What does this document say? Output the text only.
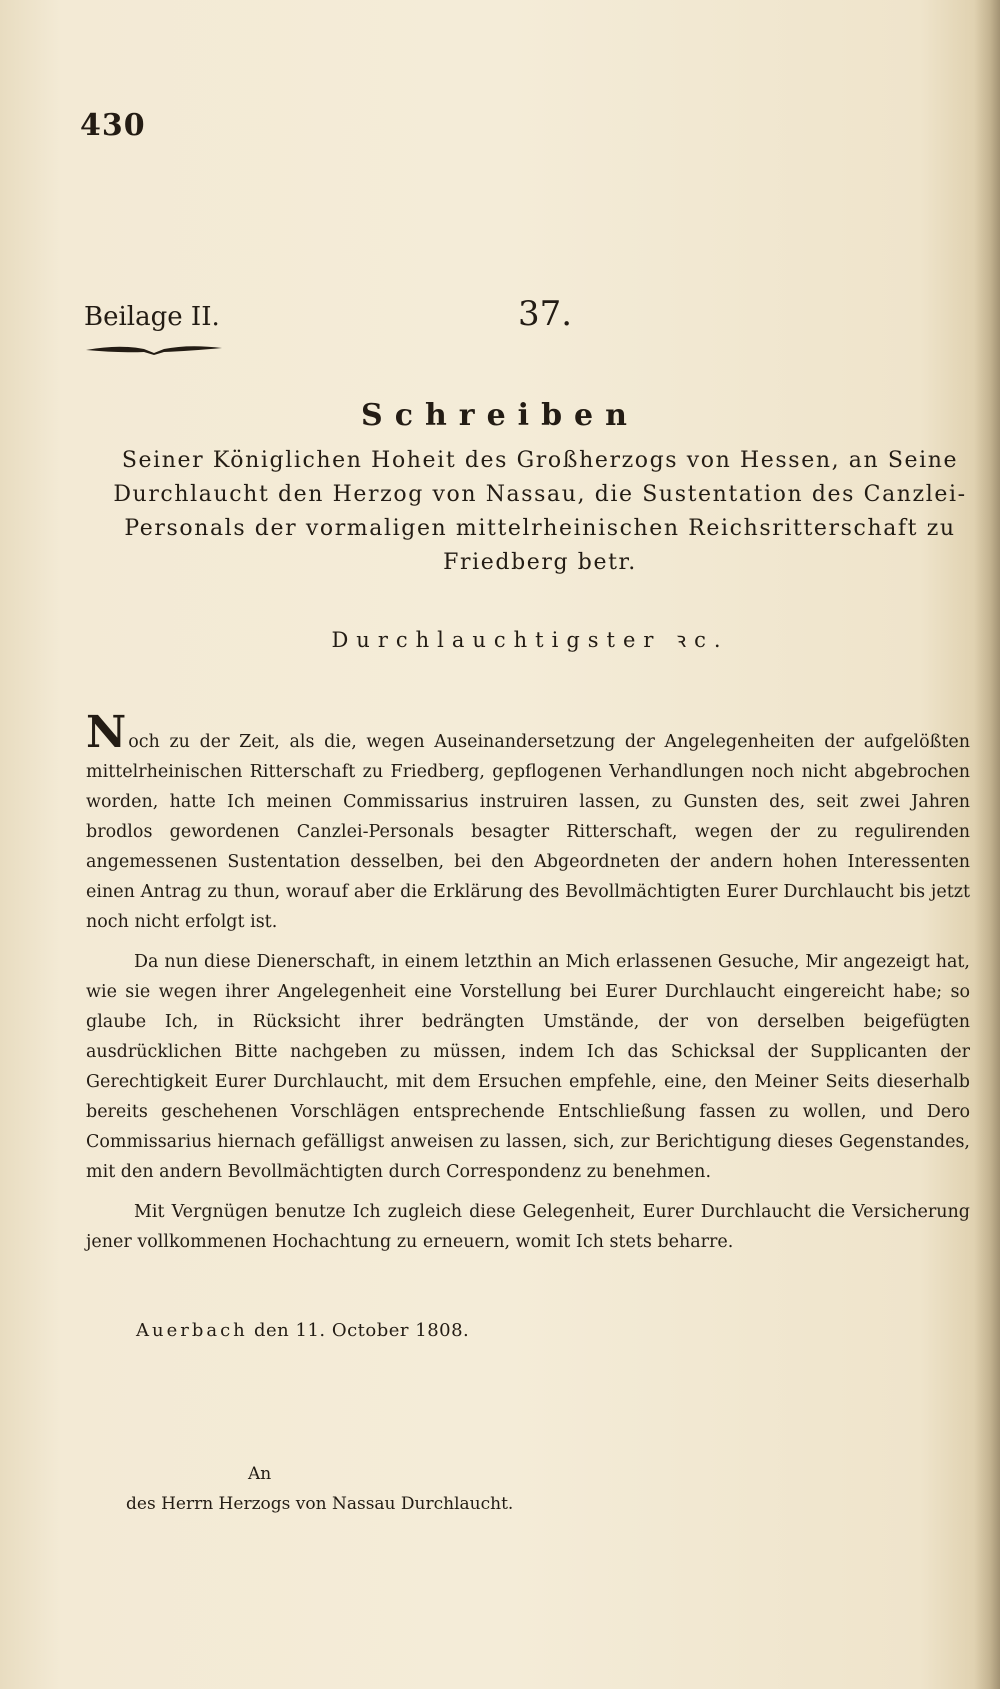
430
Beilage II.	37.
Schreiben
Seiner Königlichen Hoheit des Großherzogs von Hessen, an Seine Durchlaucht den Herzog von Nassau, die Sustentation des Canzlei-Personals der vormaligen mittelrheinischen Reichsritterschaft zu Friedberg betr.
Durchlauchtigster ꝛc.

Noch zu der Zeit, als die, wegen Auseinandersetzung der Angelegenheiten der aufgelößten mittelrheinischen Ritterschaft zu Friedberg, gepflogenen Verhandlungen noch nicht abgebrochen worden, hatte Ich meinen Commissarius instruiren lassen, zu Gunsten des, seit zwei Jahren brodlos gewordenen Canzlei-Personals besagter Ritterschaft, wegen der zu regulirenden angemessenen Sustentation desselben, bei den Abgeordneten der andern hohen Interessenten einen Antrag zu thun, worauf aber die Erklärung des Bevollmächtigten Eurer Durchlaucht bis jetzt noch nicht erfolgt ist.

Da nun diese Dienerschaft, in einem letzthin an Mich erlassenen Gesuche, Mir angezeigt hat, wie sie wegen ihrer Angelegenheit eine Vorstellung bei Eurer Durchlaucht eingereicht habe; so glaube Ich, in Rücksicht ihrer bedrängten Umstände, der von derselben beigefügten ausdrücklichen Bitte nachgeben zu müssen, indem Ich das Schicksal der Supplicanten der Gerechtigkeit Eurer Durchlaucht, mit dem Ersuchen empfehle, eine, den Meiner Seits dieserhalb bereits geschehenen Vorschlägen entsprechende Entschließung fassen zu wollen, und Dero Commissarius hiernach gefälligst anweisen zu lassen, sich, zur Berichtigung dieses Gegenstandes, mit den andern Bevollmächtigten durch Correspondenz zu benehmen.

Mit Vergnügen benutze Ich zugleich diese Gelegenheit, Eurer Durchlaucht die Versicherung jener vollkommenen Hochachtung zu erneuern, womit Ich stets beharre.

Auerbach den 11. October 1808.
An
des Herrn Herzogs von Nassau Durchlaucht.
